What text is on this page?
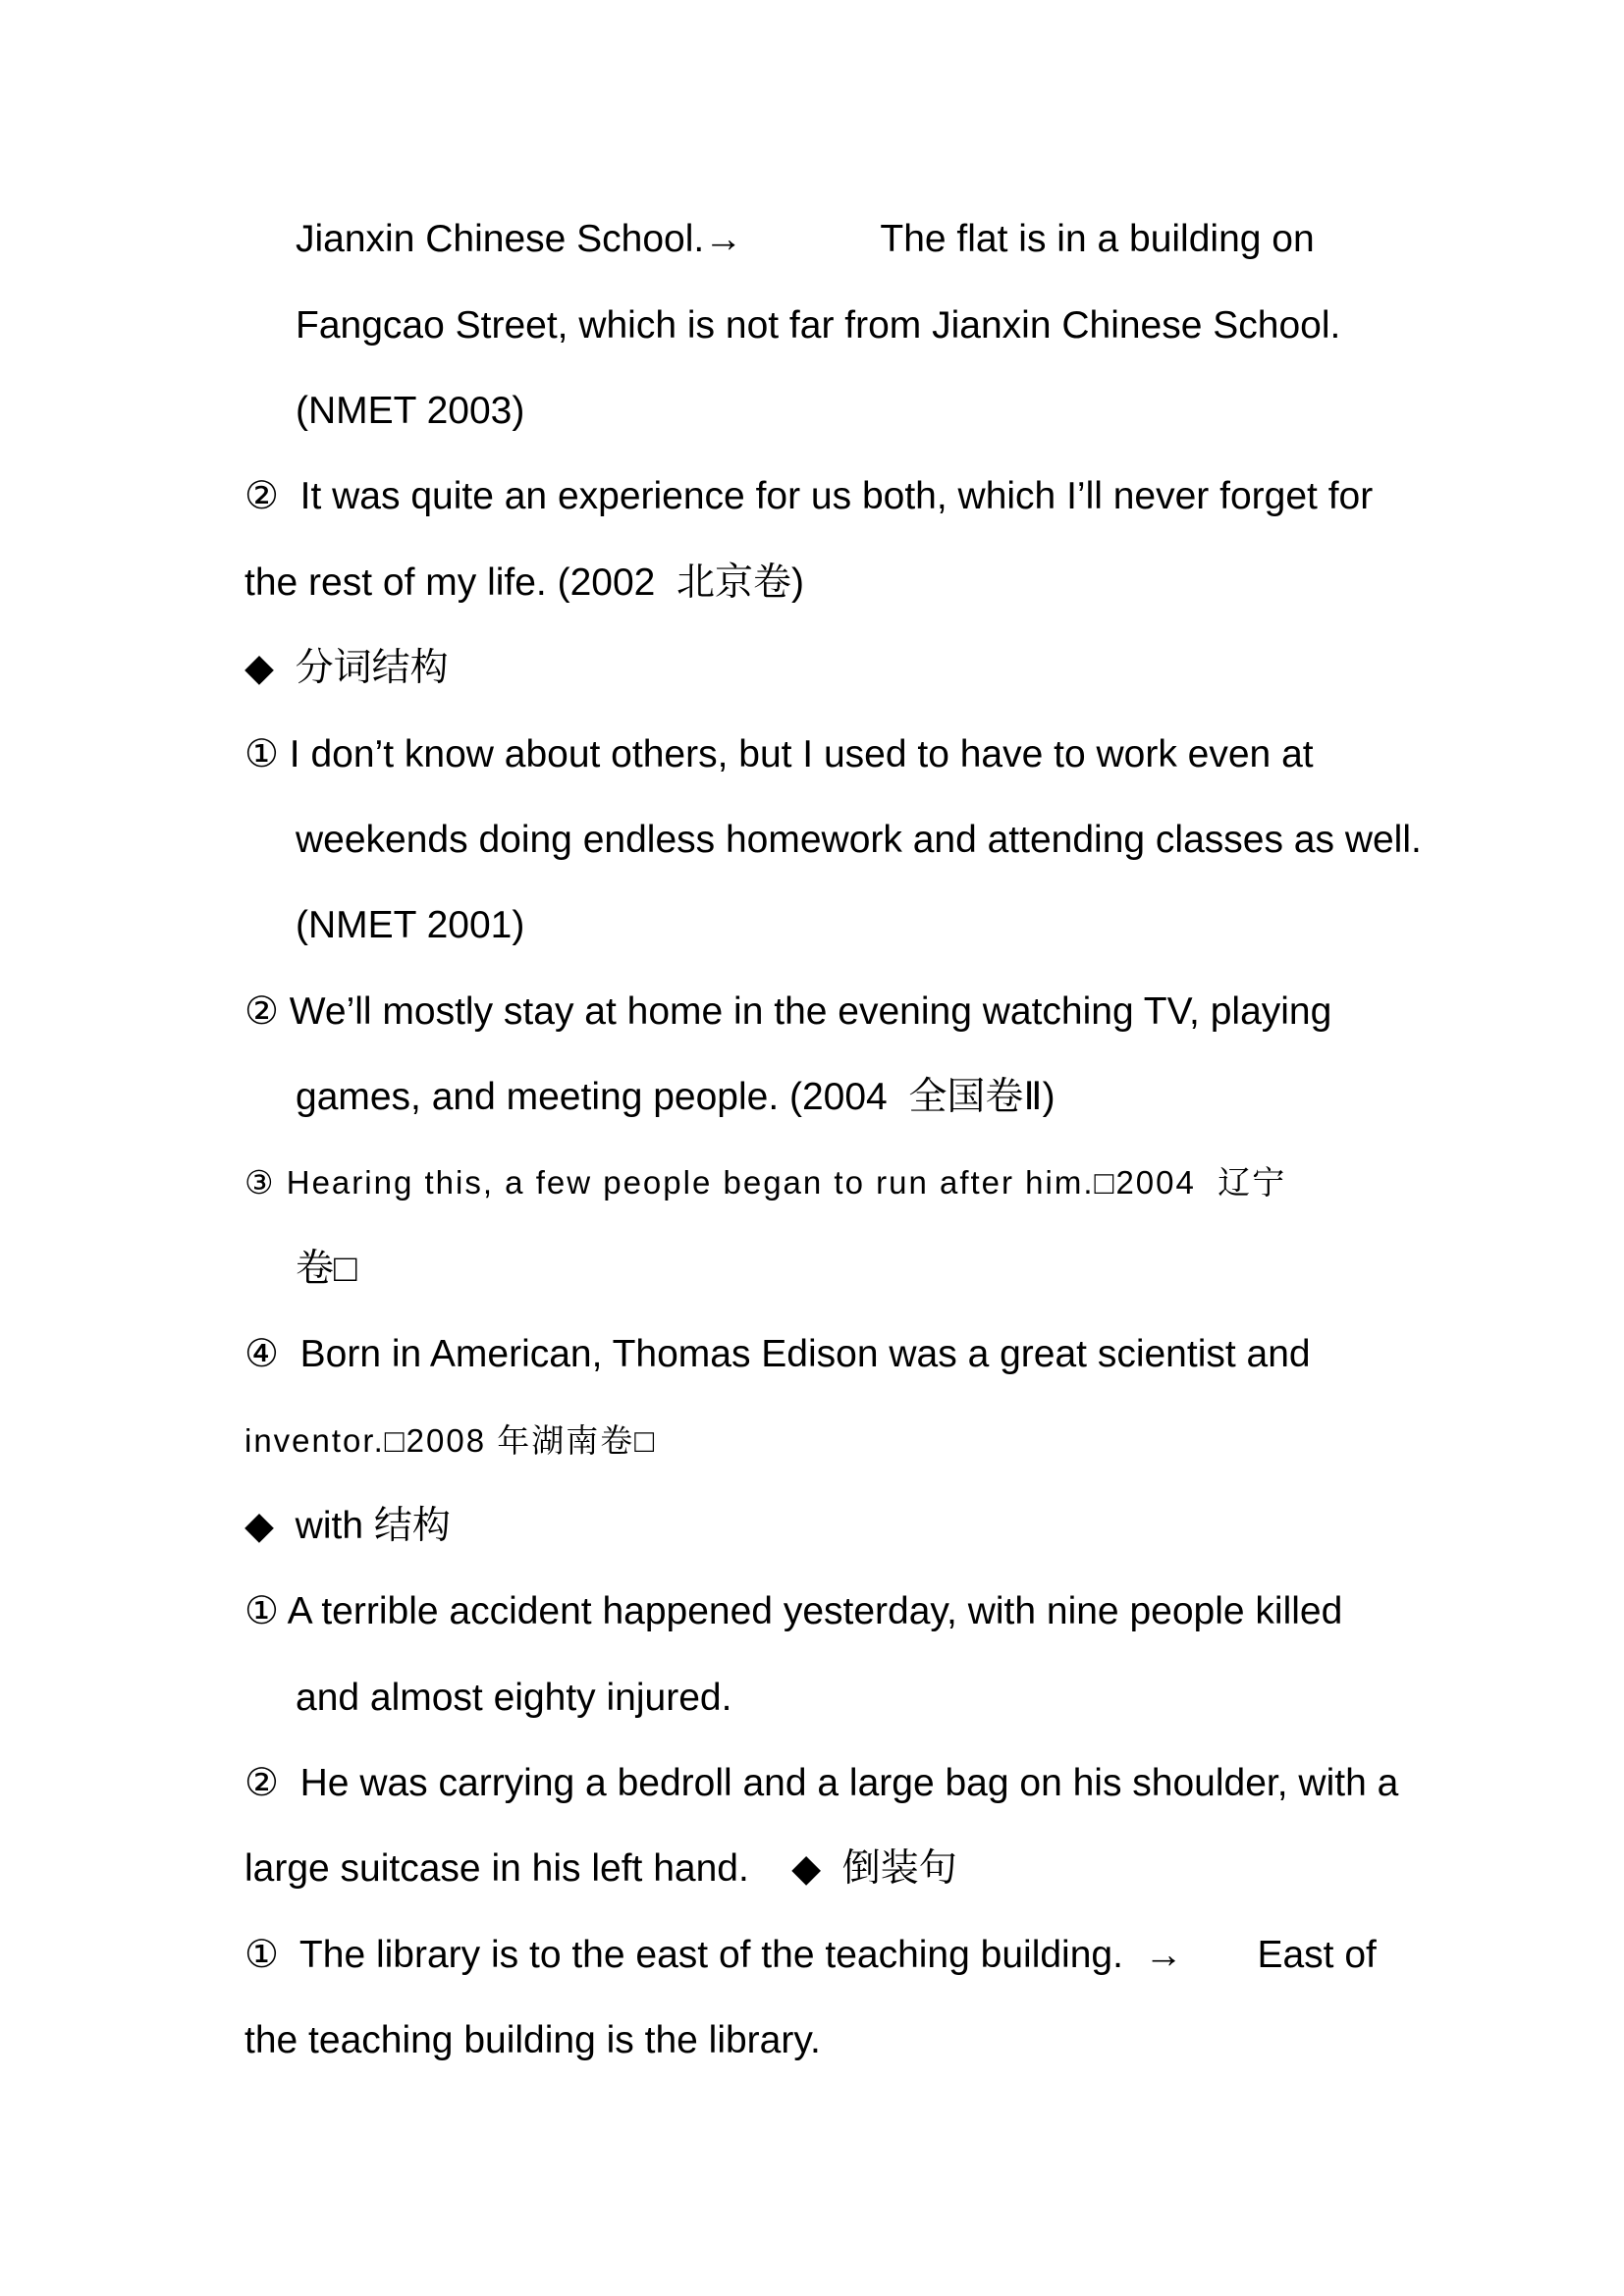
Jianxin Chinese School.→             The flat is in a building on
Fangcao Street, which is not far from Jianxin Chinese School.
(NMET 2003)
②  It was quite an experience for us both, which I’ll never forget for
the rest of my life. (2002  北京卷)
◆  分词结构
① I don’t know about others, but I used to have to work even at
weekends doing endless homework and attending classes as well.
(NMET 2001)
② We’ll mostly stay at home in the evening watching TV, playing
games, and meeting people. (2004  全国卷Ⅱ)
③ Hearing this, a few people began to run after him.□2004  辽宁
卷□
④  Born in American, Thomas Edison was a great scientist and
inventor.□2008 年湖南卷□
◆  with 结构
① A terrible accident happened yesterday, with nine people killed
and almost eighty injured.
②  He was carrying a bedroll and a large bag on his shoulder, with a
large suitcase in his left hand.    ◆  倒装句
①  The library is to the east of the teaching building.  →       East of
the teaching building is the library.
